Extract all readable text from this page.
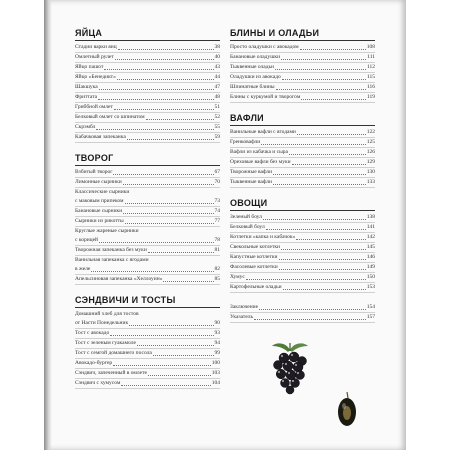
ЯЙЦА
Стадии варки яиц	38
Омлетный рулет	40
Яйцо пашот	43
Яйцо «Бенедикт»	44
Шакшука	47
Фриттата	48
Гриббной омлет	51
Белковый омлет со шпинатом	52
Скрэмбл	55
Кабачковая запеканка	59
ТВОРОГ
Взбитый творог	67
Лимонные сырники	70
Классические сырники
с маковым припеком	73
Банановые сырники	74
Сырники из рикотты	77
Круглые жареные сырники
с корицей	78
Творожная запеканка без муки	81
Ванильная запеканка с ягодами
в желе	82
Апельсиновая запеканка «Хеллоуин»	85
СЭНДВИЧИ И ТОСТЫ
Домашний хлеб для тостов
от Насти Понедельник	90
Тост с авокадо	93
Тост с зеленым гуакамоле	94
Тост с семгой домашнего посола	99
Авокадо-бургер	100
Сэндвич, запеченный в омлете	103
Сэндвич с хумусом	104
БЛИНЫ И ОЛАДЬИ
Просто оладушки с авокадом	108
Банановые оладушки	111
Тыквенные оладьи	112
Оладушки из авокадо	115
Шпинатные блины	116
Блины с куркумой и творогом	119
ВАФЛИ
Ванильные вафли с ягодами	122
Гренковафли	125
Вафли из кабачка и сыра	126
Ореховые вафли без муки	129
Творожные вафли	130
Тыквенные вафли	133
ОВОЩИ
Зеленый боул	138
Белковый боул	141
Котлетки «капка и кабачок»	142
Свекольные котлетки	145
Капустные котлетки	146
Фасолевые котлетки	149
Хумус	150
Картофельные оладьи	153
Заключение	154
Указатель	157
